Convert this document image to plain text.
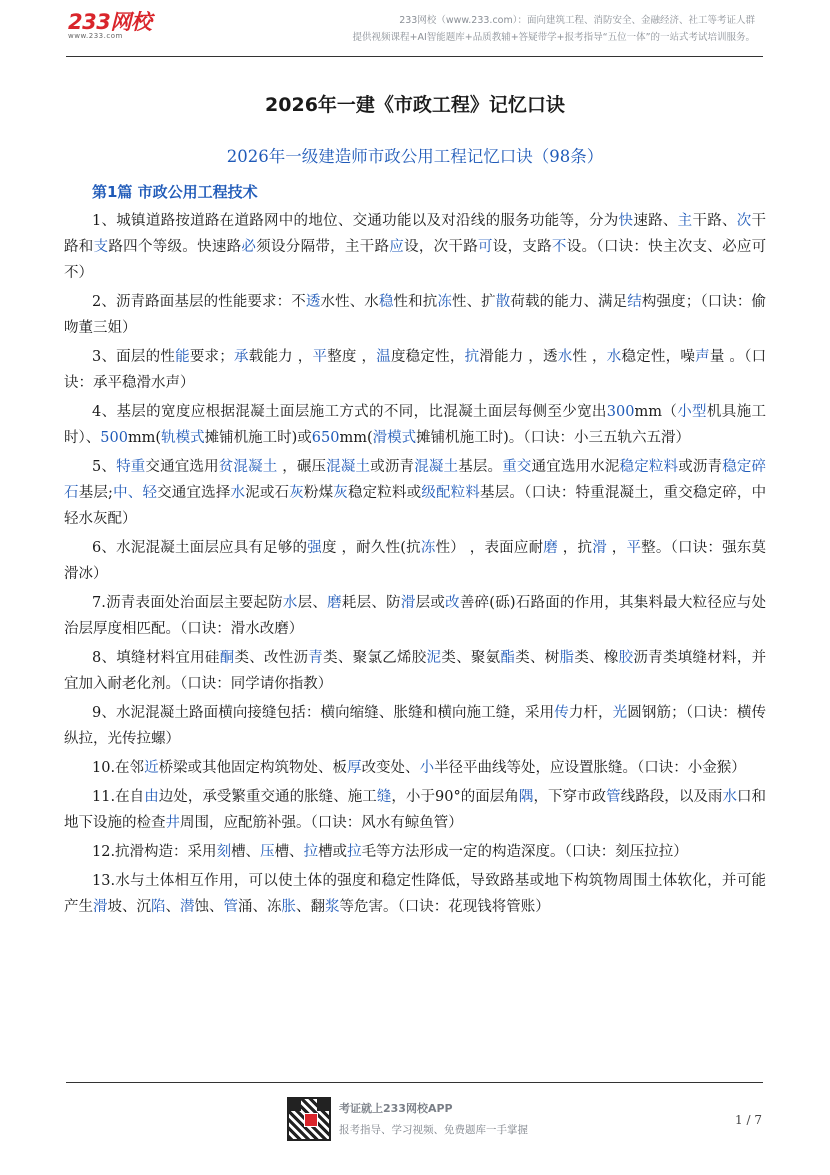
233网校
www.233.com
233网校（www.233.com）：面向建筑工程、消防安全、金融经济、社工等考证人群
提供视频课程+AI智能题库+品质教辅+答疑带学+报考指导“五位一体”的一站式考试培训服务。
2026年一建《市政工程》记忆口诀
2026年一级建造师市政公用工程记忆口诀（98条）
第1篇 市政公用工程技术
1、城镇道路按道路在道路网中的地位、交通功能以及对沿线的服务功能等，分为快速路、主干路、次干路和支路四个等级。快速路必须设分隔带，主干路应设，次干路可设，支路不设。（口诀：快主次支、必应可不）
2、沥青路面基层的性能要求：不透水性、水稳性和抗冻性、扩散荷载的能力、满足结构强度；（口诀：偷吻董三姐）
3、面层的性能要求；承载能力 ，平整度 ，温度稳定性，抗滑能力 ，透水性 ，水稳定性，噪声量 。（口诀：承平稳滑水声）
4、基层的宽度应根据混凝土面层施工方式的不同，比混凝土面层每侧至少宽出300mm（小型机具施工时）、500mm(轨模式摊铺机施工时)或650mm(滑模式摊铺机施工时)。（口诀：小三五轨六五滑）
5、特重交通宜选用贫混凝土 ，碾压混凝土或沥青混凝土基层。重交通宜选用水泥稳定粒料或沥青稳定碎石基层;中、轻交通宜选择水泥或石灰粉煤灰稳定粒料或级配粒料基层。（口诀：特重混凝土，重交稳定碎，中轻水灰配）
6、水泥混凝土面层应具有足够的强度 ，耐久性(抗冻性） ，表面应耐磨 ，抗滑 ，平整。（口诀：强东莫滑冰）
7.沥青表面处治面层主要起防水层、磨耗层、防滑层或改善碎(砾)石路面的作用，其集料最大粒径应与处治层厚度相匹配。（口诀：滑水改磨）
8、填缝材料宜用硅酮类、改性沥青类、聚氯乙烯胶泥类、聚氨酯类、树脂类、橡胶沥青类填缝材料，并宜加入耐老化剂。（口诀：同学请你指教）
9、水泥混凝土路面横向接缝包括：横向缩缝、胀缝和横向施工缝，采用传力杆，光圆钢筋；（口诀：横传纵拉，光传拉螺）
10.在邻近桥梁或其他固定构筑物处、板厚改变处、小半径平曲线等处，应设置胀缝。（口诀：小金猴）
11.在自由边处，承受繁重交通的胀缝、施工缝，小于90°的面层角隅，下穿市政管线路段，以及雨水口和地下设施的检查井周围，应配筋补强。（口诀：风水有鲸鱼管）
12.抗滑构造：采用刻槽、压槽、拉槽或拉毛等方法形成一定的构造深度。（口诀：刻压拉拉）
13.水与土体相互作用，可以使土体的强度和稳定性降低，导致路基或地下构筑物周围土体软化，并可能产生滑坡、沉陷、潜蚀、管涌、冻胀、翻浆等危害。（口诀：花现钱将管账）
考证就上233网校APP
报考指导、学习视频、免费题库一手掌握
1 / 7
